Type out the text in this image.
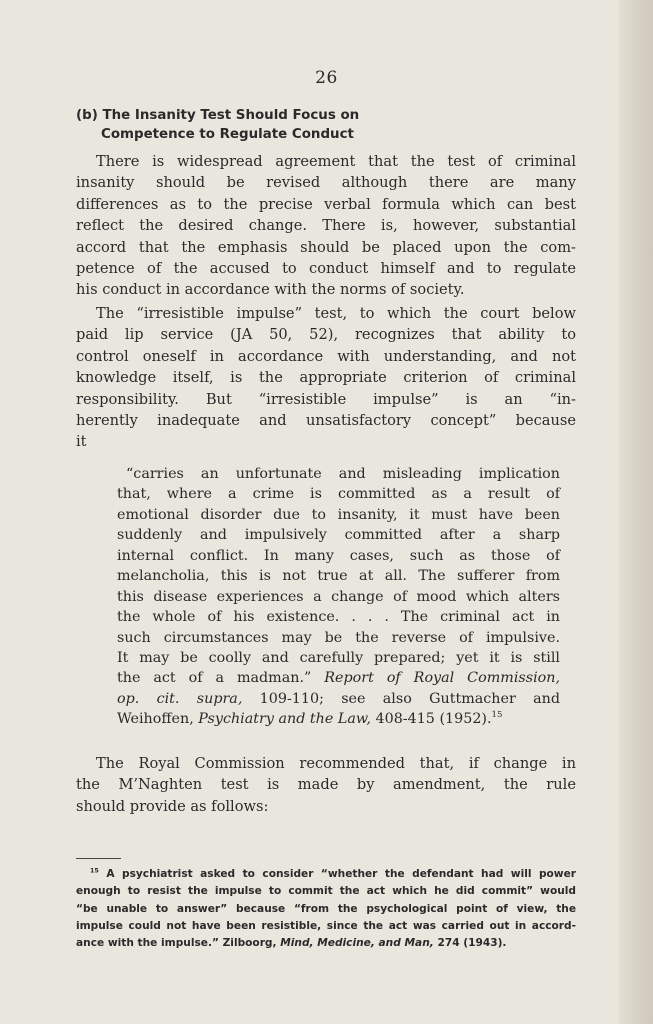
26
(b) The Insanity Test Should Focus on
Competence to Regulate Conduct
There is widespread agreement that the test of criminal
insanity should be revised although there are many
differences as to the precise verbal formula which can best
reflect the desired change. There is, however, substantial
accord that the emphasis should be placed upon the com-
petence of the accused to conduct himself and to regulate
his conduct in accordance with the norms of society.
The “irresistible impulse” test, to which the court below
paid lip service (JA 50, 52), recognizes that ability to
control oneself in accordance with understanding, and not
knowledge itself, is the appropriate criterion of criminal
responsibility. But “irresistible impulse” is an “in-
herently inadequate and unsatisfactory concept” because
it
“carries an unfortunate and misleading implication
that, where a crime is committed as a result of
emotional disorder due to insanity, it must have been
suddenly and impulsively committed after a sharp
internal conflict. In many cases, such as those of
melancholia, this is not true at all. The sufferer from
this disease experiences a change of mood which alters
the whole of his existence. . . . The criminal act in
such circumstances may be the reverse of impulsive.
It may be coolly and carefully prepared; yet it is still
the act of a madman.” Report of Royal Commission,
op. cit. supra, 109-110; see also Guttmacher and
Weihoffen, Psychiatry and the Law, 408-415 (1952).$^{15}$
The Royal Commission recommended that, if change in
the M’Naghten test is made by amendment, the rule
should provide as follows:
$^{15}$ A psychiatrist asked to consider “whether the defendant had will power
enough to resist the impulse to commit the act which he did commit” would
“be unable to answer” because “from the psychological point of view, the
impulse could not have been resistible, since the act was carried out in accord-
ance with the impulse.” Zilboorg, Mind, Medicine, and Man, 274 (1943).
